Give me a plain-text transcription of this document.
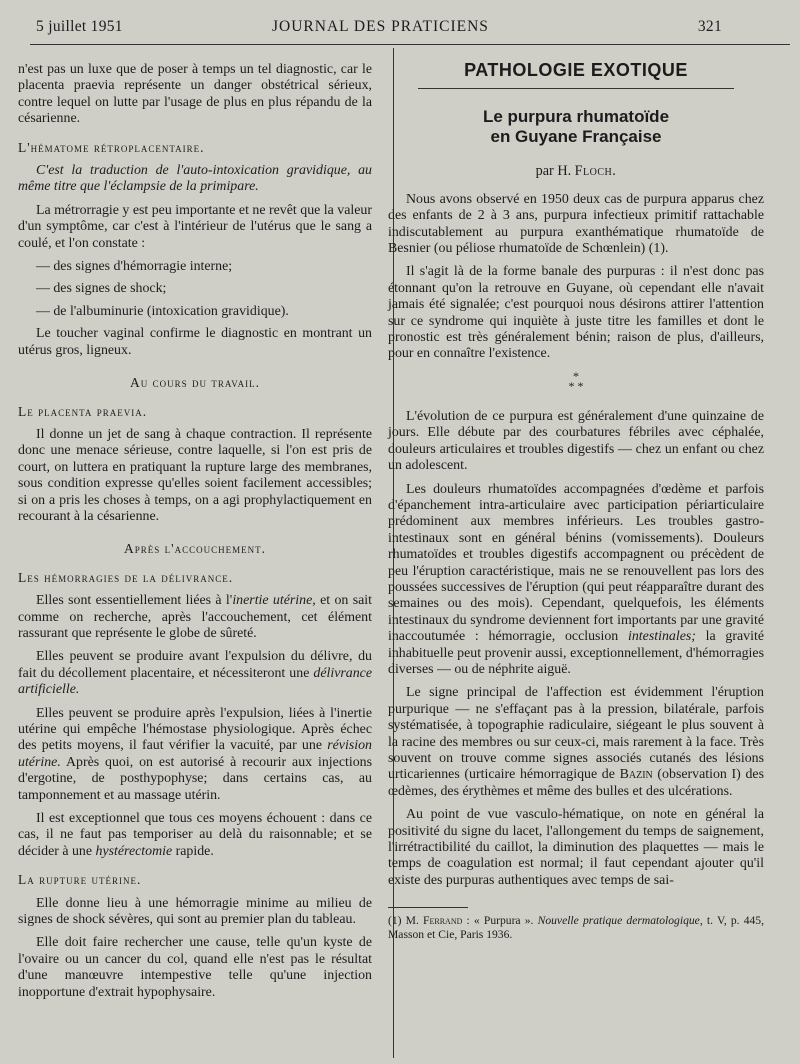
5 juillet 1951	JOURNAL DES PRATICIENS	321

n'est pas un luxe que de poser à temps un tel diagnostic, car le placenta praevia représente un danger obstétrical sérieux, contre lequel on lutte par l'usage de plus en plus répandu de la césarienne.

L'hématome rétroplacentaire.

C'est la traduction de l'auto-intoxication gravidique, au même titre que l'éclampsie de la primipare.

La métrorragie y est peu importante et ne revêt que la valeur d'un symptôme, car c'est à l'intérieur de l'utérus que le sang a coulé, et l'on constate :

— des signes d'hémorragie interne;
— des signes de shock;
— de l'albuminurie (intoxication gravidique).

Le toucher vaginal confirme le diagnostic en montrant un utérus gros, ligneux.

Au cours du travail.
Le placenta praevia.

Il donne un jet de sang à chaque contraction. Il représente donc une menace sérieuse, contre laquelle, si l'on est pris de court, on luttera en pratiquant la rupture large des membranes, sous condition expresse qu'elles soient facilement accessibles; si on a pris les choses à temps, on a agi prophylactiquement en recourant à la césarienne.

Après l'accouchement.
Les hémorragies de la délivrance.

Elles sont essentiellement liées à l'inertie utérine, et on sait comme on recherche, après l'accouchement, cet élément rassurant que représente le globe de sûreté.

Elles peuvent se produire avant l'expulsion du délivre, du fait du décollement placentaire, et nécessiteront une délivrance artificielle.

Elles peuvent se produire après l'expulsion, liées à l'inertie utérine qui empêche l'hémostase physiologique. Après échec des petits moyens, il faut vérifier la vacuité, par une révision utérine. Après quoi, on est autorisé à recourir aux injections d'ergotine, de posthypophyse; dans certains cas, au tamponnement et au massage utérin.

Il est exceptionnel que tous ces moyens échouent : dans ce cas, il ne faut pas temporiser au delà du raisonnable; et se décider à une hystérectomie rapide.

La rupture utérine.

Elle donne lieu à une hémorragie minime au milieu de signes de shock sévères, qui sont au premier plan du tableau.

Elle doit faire rechercher une cause, telle qu'un kyste de l'ovaire ou un cancer du col, quand elle n'est pas le résultat d'une manœuvre intempestive telle qu'une injection inopportune d'extrait hypophysaire.

PATHOLOGIE EXOTIQUE
Le purpura rhumatoïde
en Guyane Française
par H. Floch.

Nous avons observé en 1950 deux cas de purpura apparus chez des enfants de 2 à 3 ans, purpura infectieux primitif rattachable indiscutablement au purpura exanthématique rhumatoïde de Besnier (ou péliose rhumatoïde de Schœnlein) (1).

Il s'agit là de la forme banale des purpuras : il n'est donc pas étonnant qu'on la retrouve en Guyane, où cependant elle n'avait jamais été signalée; c'est pourquoi nous désirons attirer l'attention sur ce syndrome qui inquiète à juste titre les familles et dont le pronostic est très généralement bénin; raison de plus, d'ailleurs, pour en connaître l'existence.

*
* *

L'évolution de ce purpura est généralement d'une quinzaine de jours. Elle débute par des courbatures fébriles avec céphalée, douleurs articulaires et troubles digestifs — chez un enfant ou chez un adolescent.

Les douleurs rhumatoïdes accompagnées d'œdème et parfois d'épanchement intra-articulaire avec participation périarticulaire prédominent aux membres inférieurs. Les troubles gastro-intestinaux sont en général bénins (vomissements). Douleurs rhumatoïdes et troubles digestifs accompagnent ou précèdent de peu l'éruption caractéristique, mais ne se renouvellent pas lors des poussées successives de l'éruption (qui peut réapparaître durant des semaines ou des mois). Cependant, quelquefois, les éléments intestinaux du syndrome deviennent fort importants par une gravité inaccoutumée : hémorragie, occlusion intestinales; la gravité inhabituelle peut provenir aussi, exceptionnellement, d'hémorragies diverses — ou de néphrite aiguë.

Le signe principal de l'affection est évidemment l'éruption purpurique — ne s'effaçant pas à la pression, bilatérale, parfois systématisée, à topographie radiculaire, siégeant le plus souvent à la racine des membres ou sur ceux-ci, mais rarement à la face. Très souvent on trouve comme signes associés cutanés des lésions urticariennes (urticaire hémorragique de Bazin (observation I) des œdèmes, des érythèmes et même des bulles et des ulcérations.

Au point de vue vasculo-hématique, on note en général la positivité du signe du lacet, l'allongement du temps de saignement, l'irrétractibilité du caillot, la diminution des plaquettes — mais le temps de coagulation est normal; il faut cependant ajouter qu'il existe des purpuras authentiques avec temps de sai-

(1) M. Ferrand : « Purpura ». Nouvelle pratique dermatologique, t. V, p. 445, Masson et Cie, Paris 1936.
